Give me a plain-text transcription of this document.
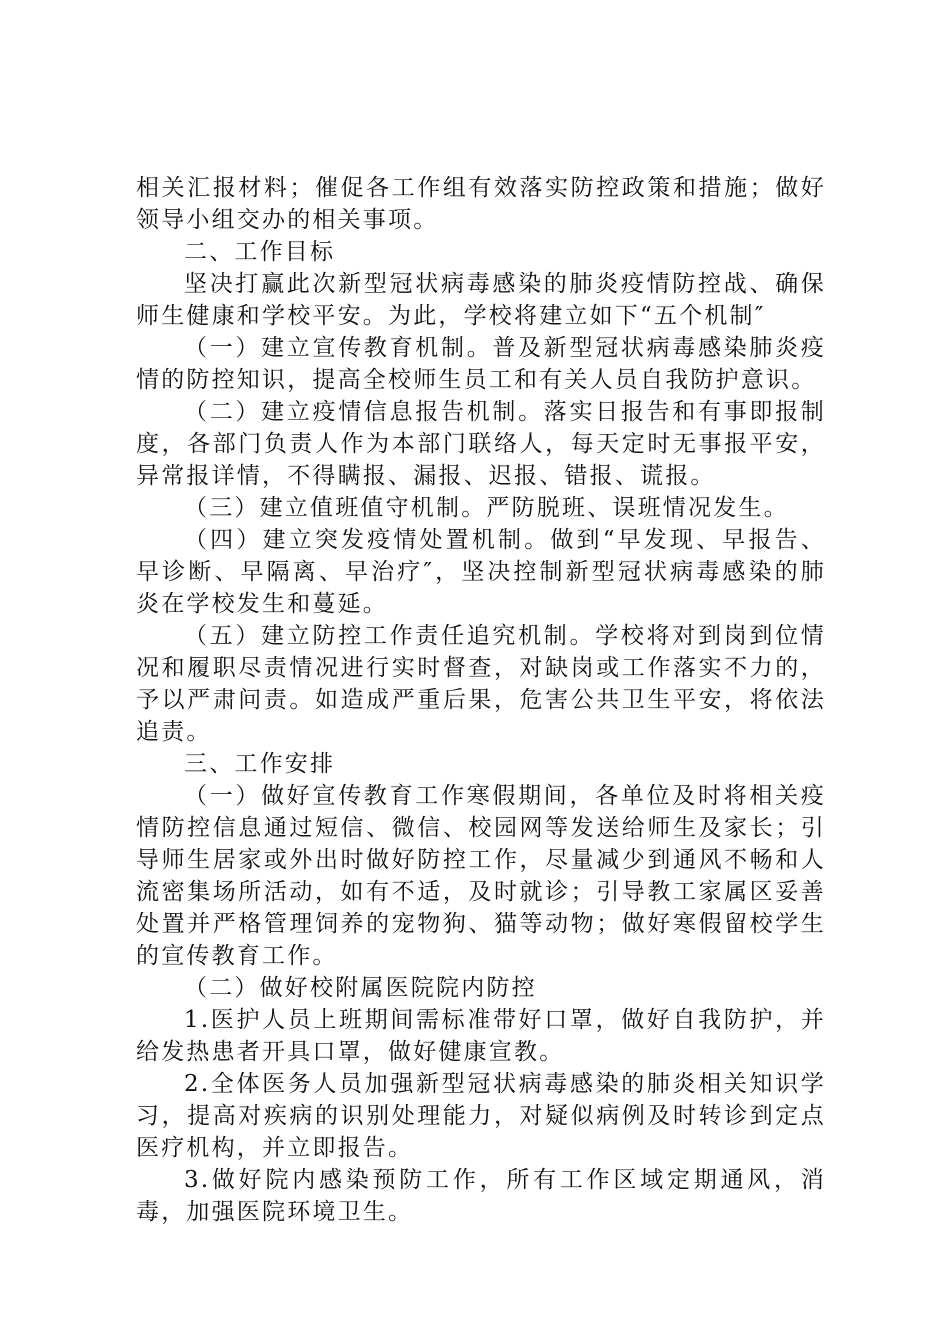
相关汇报材料；催促各工作组有效落实防控政策和措施；做好领导小组交办的相关事项。

二、工作目标

坚决打赢此次新型冠状病毒感染的肺炎疫情防控战、确保师生健康和学校平安。为此，学校将建立如下“五个机制″

（一）建立宣传教育机制。普及新型冠状病毒感染肺炎疫情的防控知识，提高全校师生员工和有关人员自我防护意识。

（二）建立疫情信息报告机制。落实日报告和有事即报制度，各部门负责人作为本部门联络人，每天定时无事报平安，异常报详情，不得瞒报、漏报、迟报、错报、谎报。

（三）建立值班值守机制。严防脱班、误班情况发生。

（四）建立突发疫情处置机制。做到“早发现、早报告、早诊断、早隔离、早治疗″，坚决控制新型冠状病毒感染的肺炎在学校发生和蔓延。

（五）建立防控工作责任追究机制。学校将对到岗到位情况和履职尽责情况进行实时督查，对缺岗或工作落实不力的，予以严肃问责。如造成严重后果，危害公共卫生平安，将依法追责。

三、工作安排

（一）做好宣传教育工作寒假期间，各单位及时将相关疫情防控信息通过短信、微信、校园网等发送给师生及家长；引导师生居家或外出时做好防控工作，尽量减少到通风不畅和人流密集场所活动，如有不适，及时就诊；引导教工家属区妥善处置并严格管理饲养的宠物狗、猫等动物；做好寒假留校学生的宣传教育工作。

（二）做好校附属医院院内防控

1.医护人员上班期间需标准带好口罩，做好自我防护，并给发热患者开具口罩，做好健康宣教。

2.全体医务人员加强新型冠状病毒感染的肺炎相关知识学习，提高对疾病的识别处理能力，对疑似病例及时转诊到定点医疗机构，并立即报告。

3.做好院内感染预防工作，所有工作区域定期通风，消毒，加强医院环境卫生。
